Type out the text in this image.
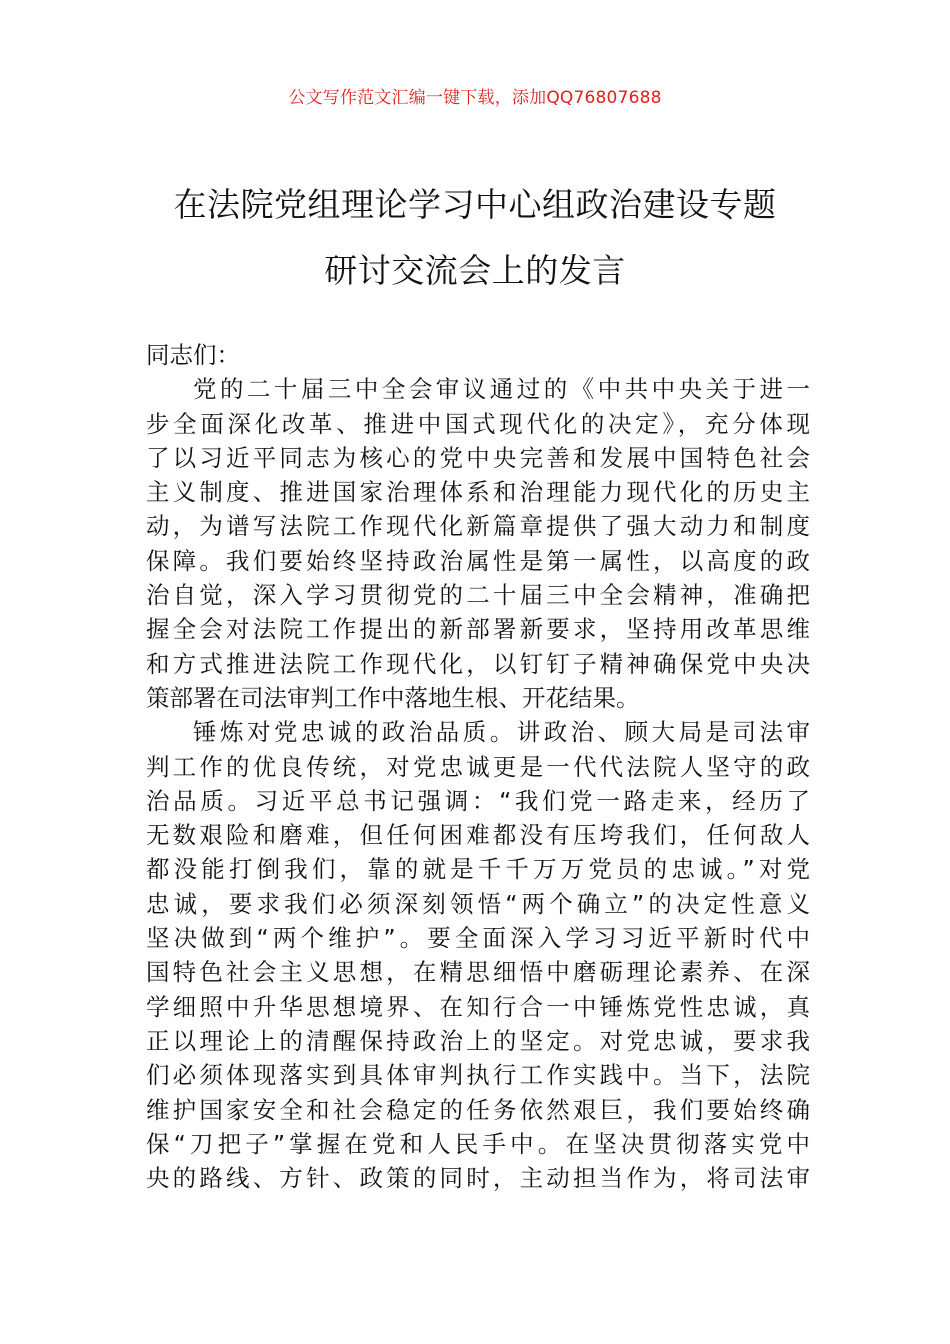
公文写作范文汇编一键下载，添加QQ76807688
在法院党组理论学习中心组政治建设专题
研讨交流会上的发言
同志们：
党的二十届三中全会审议通过的《中共中央关于进一
步全面深化改革、推进中国式现代化的决定》，充分体现
了以习近平同志为核心的党中央完善和发展中国特色社会
主义制度、推进国家治理体系和治理能力现代化的历史主
动，为谱写法院工作现代化新篇章提供了强大动力和制度
保障。我们要始终坚持政治属性是第一属性，以高度的政
治自觉，深入学习贯彻党的二十届三中全会精神，准确把
握全会对法院工作提出的新部署新要求，坚持用改革思维
和方式推进法院工作现代化，以钉钉子精神确保党中央决
策部署在司法审判工作中落地生根、开花结果。
锤炼对党忠诚的政治品质。讲政治、顾大局是司法审
判工作的优良传统，对党忠诚更是一代代法院人坚守的政
治品质。习近平总书记强调：“我们党一路走来，经历了
无数艰险和磨难，但任何困难都没有压垮我们，任何敌人
都没能打倒我们，靠的就是千千万万党员的忠诚。”对党
忠诚，要求我们必须深刻领悟“两个确立”的决定性意义
坚决做到“两个维护”。要全面深入学习习近平新时代中
国特色社会主义思想，在精思细悟中磨砺理论素养、在深
学细照中升华思想境界、在知行合一中锤炼党性忠诚，真
正以理论上的清醒保持政治上的坚定。对党忠诚，要求我
们必须体现落实到具体审判执行工作实践中。当下，法院
维护国家安全和社会稳定的任务依然艰巨，我们要始终确
保“刀把子”掌握在党和人民手中。在坚决贯彻落实党中
央的路线、方针、政策的同时，主动担当作为，将司法审
